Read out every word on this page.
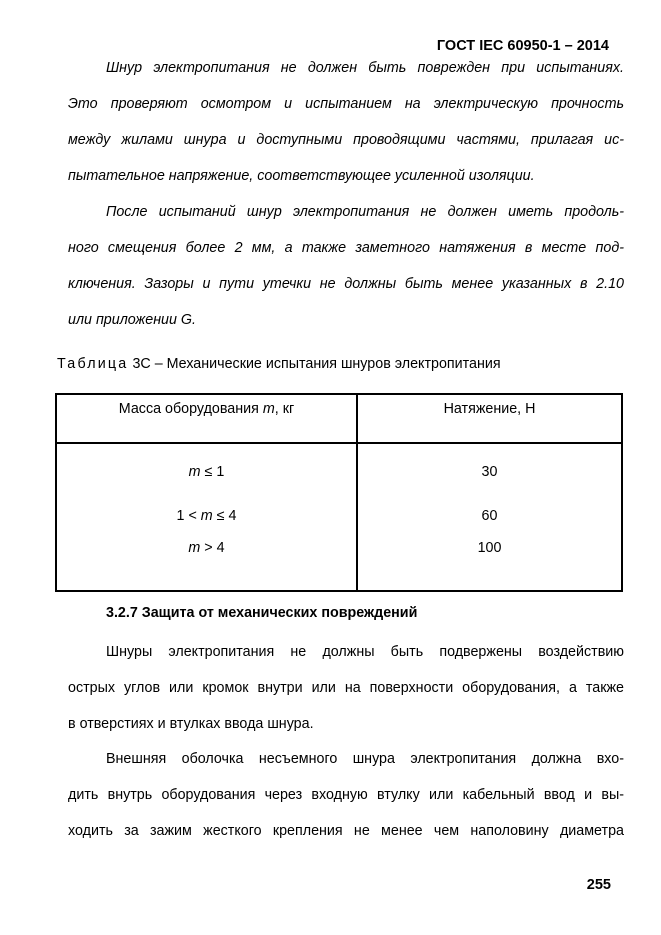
ГОСТ IEC 60950-1 – 2014
Шнур электропитания не должен быть поврежден при испытаниях.
Это проверяют осмотром и испытанием на электрическую прочность
между жилами шнура и доступными проводящими частями, прилагая ис-
пытательное напряжение, соответствующее усиленной изоляции.
После испытаний шнур электропитания не должен иметь продоль-
ного смещения более 2 мм, а также заметного натяжения в месте под-
ключения. Зазоры и пути утечки не должны быть менее указанных в 2.10
или приложении G.
Таблица 3С – Механические испытания шнуров электропитания
Масса оборудования m, кг	Натяжение, Н
m ≤ 1	30
1 < m ≤ 4	60
m > 4	100
3.2.7 Защита от механических повреждений
Шнуры электропитания не должны быть подвержены воздействию
острых углов или кромок внутри или на поверхности оборудования, а также
в отверстиях и втулках ввода шнура.
Внешняя оболочка несъемного шнура электропитания должна вхо-
дить внутрь оборудования через входную втулку или кабельный ввод и вы-
ходить за зажим жесткого крепления не менее чем наполовину диаметра
255
